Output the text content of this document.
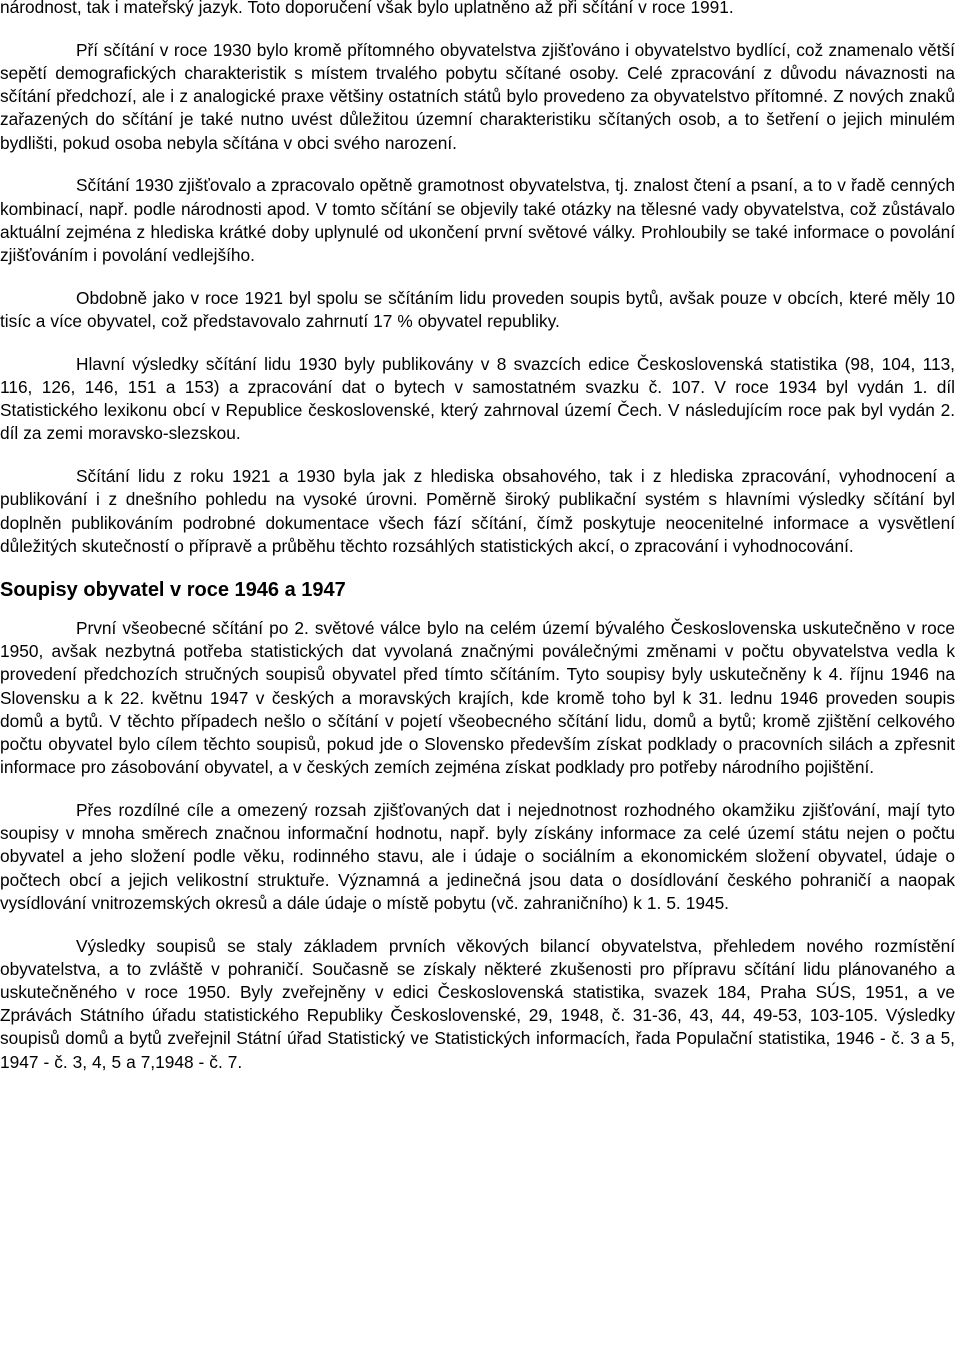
národnost, tak i mateřský jazyk. Toto doporučení však bylo uplatněno až při sčítání v roce 1991.

Pří sčítání v roce 1930 bylo kromě přítomného obyvatelstva zjišťováno i obyvatelstvo bydlící, což znamenalo větší sepětí demografických charakteristik s místem trvalého pobytu sčítané osoby. Celé zpracování z důvodu návaznosti na sčítání předchozí, ale i z analogické praxe většiny ostatních států bylo provedeno za obyvatelstvo přítomné. Z nových znaků zařazených do sčítání je také nutno uvést důležitou územní charakteristiku sčítaných osob, a to šetření o jejich minulém bydlišti, pokud osoba nebyla sčítána v obci svého narození.

Sčítání 1930 zjišťovalo a zpracovalo opětně gramotnost obyvatelstva, tj. znalost čtení a psaní, a to v řadě cenných kombinací, např. podle národnosti apod. V tomto sčítání se objevily také otázky na tělesné vady obyvatelstva, což zůstávalo aktuální zejména z hlediska krátké doby uplynulé od ukončení první světové války. Prohloubily se také informace o povolání zjišťováním i povolání vedlejšího.

Obdobně jako v roce 1921 byl spolu se sčítáním lidu proveden soupis bytů, avšak pouze v obcích, které měly 10 tisíc a více obyvatel, což představovalo zahrnutí 17 % obyvatel republiky.

Hlavní výsledky sčítání lidu 1930 byly publikovány v 8 svazcích edice Československá statistika (98, 104, 113, 116, 126, 146, 151 a 153) a zpracování dat o bytech v samostatném svazku č. 107. V roce 1934 byl vydán 1. díl Statistického lexikonu obcí v Republice československé, který zahrnoval území Čech. V následujícím roce pak byl vydán 2. díl za zemi moravsko-slezskou.

Sčítání lidu z roku 1921 a 1930 byla jak z hlediska obsahového, tak i z hlediska zpracování, vyhodnocení a publikování i z dnešního pohledu na vysoké úrovni. Poměrně široký publikační systém s hlavními výsledky sčítání byl doplněn publikováním podrobné dokumentace všech fází sčítání, čímž poskytuje neocenitelné informace a vysvětlení důležitých skutečností o přípravě a průběhu těchto rozsáhlých statistických akcí, o zpracování i vyhodnocování.

Soupisy obyvatel v roce 1946 a 1947

První všeobecné sčítání po 2. světové válce bylo na celém území bývalého Československa uskutečněno v roce 1950, avšak nezbytná potřeba statistických dat vyvolaná značnými poválečnými změnami v počtu obyvatelstva vedla k provedení předchozích stručných soupisů obyvatel před tímto sčítáním. Tyto soupisy byly uskutečněny k 4. říjnu 1946 na Slovensku a k 22. květnu 1947 v českých a moravských krajích, kde kromě toho byl k 31. lednu 1946 proveden soupis domů a bytů. V těchto případech nešlo o sčítání v pojetí všeobecného sčítání lidu, domů a bytů; kromě zjištění celkového počtu obyvatel bylo cílem těchto soupisů, pokud jde o Slovensko především získat podklady o pracovních silách a zpřesnit informace pro zásobování obyvatel, a v českých zemích zejména získat podklady pro potřeby národního pojištění.

Přes rozdílné cíle a omezený rozsah zjišťovaných dat i nejednotnost rozhodného okamžiku zjišťování, mají tyto soupisy v mnoha směrech značnou informační hodnotu, např. byly získány informace za celé území státu nejen o počtu obyvatel a jeho složení podle věku, rodinného stavu, ale i údaje o sociálním a ekonomickém složení obyvatel, údaje o počtech obcí a jejich velikostní struktuře. Významná a jedinečná jsou data o dosídlování českého pohraničí a naopak vysídlování vnitrozemských okresů a dále údaje o místě pobytu (vč. zahraničního) k 1. 5. 1945.

Výsledky soupisů se staly základem prvních věkových bilancí obyvatelstva, přehledem nového rozmístění obyvatelstva, a to zvláště v pohraničí. Současně se získaly některé zkušenosti pro přípravu sčítání lidu plánovaného a uskutečněného v roce 1950. Byly zveřejněny v edici Československá statistika, svazek 184, Praha SÚS, 1951, a ve Zprávách Státního úřadu statistického Republiky Československé, 29, 1948, č. 31-36, 43, 44, 49-53, 103-105. Výsledky soupisů domů a bytů zveřejnil Státní úřad Statistický ve Statistických informacích, řada Populační statistika, 1946 - č. 3 a 5, 1947 - č. 3, 4, 5 a 7,1948 - č. 7.
